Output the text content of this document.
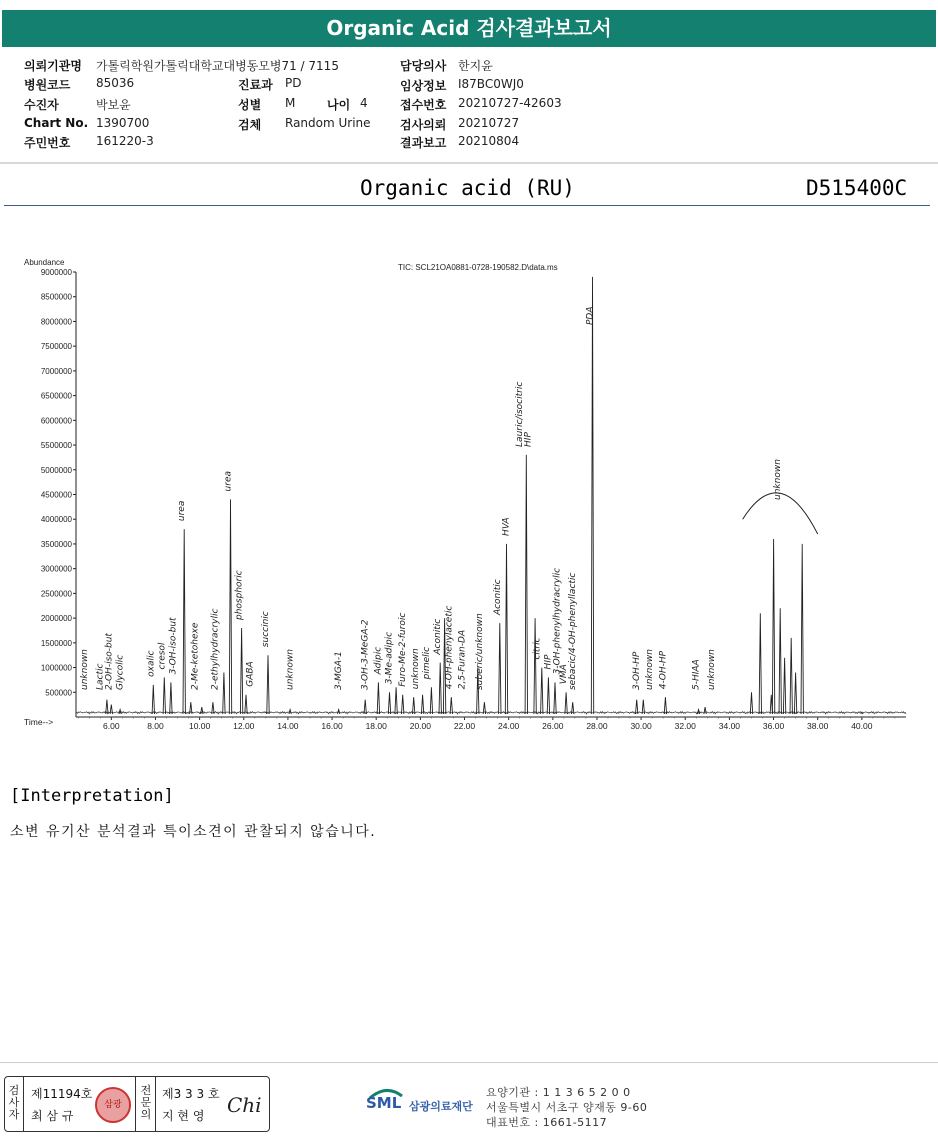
Organic Acid 검사결과보고서
의뢰기관명 가톨릭학원가톨릭대학교대병동모병71 / 7115
병원코드 85036
수진자	박보윤
Chart No. 1390700
주민번호 161220-3
진료과 PD
성별 M	나이 4
검체 Random Urine
담당의사 한지윤
임상정보 I87BC0WJ0
접수번호 20210727-42603
검사의뢰 20210727
결과보고 20210804
Organic acid (RU)	D515400C
Abundance
Time-->
TIC: SCL21OA0881-0728-190582.D\data.ms
500000
1000000
1500000
2000000
2500000
3000000
3500000
4000000
4500000
5000000
5500000
6000000
6500000
7000000
7500000
8000000
8500000
9000000
6.00	8.00	10.00	12.00	14.00	16.00	18.00	20.00	22.00	24.00	26.00	28.00	30.00	32.00	34.00	36.00	38.00	40.00
unknown Lactic
2-OH-iso-but Glycolic oxalic cresol 3-OH-iso-but
urea
2-Me-ketohexe 2-ethylhydracrylic
urea
phosphoric
GABA
succinic
unknown	3-MGA-1 3-OH-3-MeGA-2 Adipic 3-Me-adipic Furo-Me-2-furoic unknown pimelic
Aconitic 4-OH-phenylacetic 2,5-Furan-DA suberic/unknown
Aconitic
HVA
Lauric/isocitric
citric
HIP
HIP
3-OH-phenylhydracrylic
VMA
sebacic/4-OH-phenyllactic
PDA
3-OH-HP unknown 4-OH-HP	5-HIAA unknown
unknown
[Interpretation]
소변 유기산 분석결과 특이소견이 관찰되지 않습니다.
검사자
제11194호
최 삼 규
삼광
전문의
제3 3 3 호
지 현 영 Chi	SML 삼광의료재단
요양기관 : 1 1 3 6 5 2 0 0
서울특별시 서초구 양재동 9-60
대표번호 : 1661-5117
